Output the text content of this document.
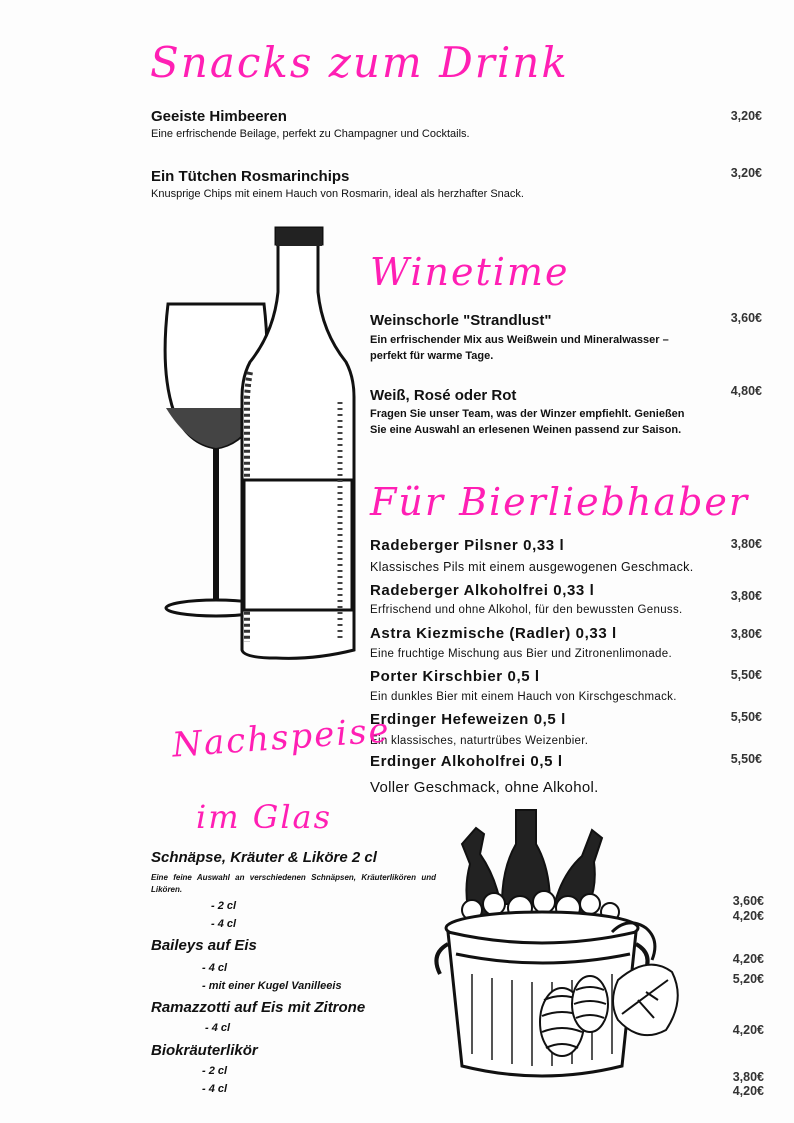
Snacks zum Drink
Geeiste Himbeeren
Eine erfrischende Beilage, perfekt zu Champagner und Cocktails.
3,20€
Ein Tütchen Rosmarinchips
Knusprige Chips mit einem Hauch von Rosmarin, ideal als herzhafter Snack.
3,20€
Winetime
Weinschorle "Strandlust"
Ein erfrischender Mix aus Weißwein und Mineralwasser – perfekt für warme Tage.
3,60€
Weiß, Rosé oder Rot
Fragen Sie unser Team, was der Winzer empfiehlt. Genießen Sie eine Auswahl an erlesenen Weinen passend zur Saison.
4,80€
Für Bierliebhaber
Radeberger Pilsner 0,33 l
Klassisches Pils mit einem ausgewogenen Geschmack.
3,80€
Radeberger Alkoholfrei 0,33 l
Erfrischend und ohne Alkohol, für den bewussten Genuss.
3,80€
Astra Kiezmische (Radler) 0,33 l
Eine fruchtige Mischung aus Bier und Zitronenlimonade.
3,80€
Porter Kirschbier 0,5 l
Ein dunkles Bier mit einem Hauch von Kirschgeschmack.
5,50€
Erdinger Hefeweizen 0,5 l
Ein klassisches, naturtrübes Weizenbier.
5,50€
Erdinger Alkoholfrei 0,5 l
Voller Geschmack, ohne Alkohol.
5,50€
Nachspeise
im Glas
Schnäpse, Kräuter & Liköre 2 cl
Eine feine Auswahl an verschiedenen Schnäpsen, Kräuterlikören und Likören.
- 2 cl
- 4 cl
3,60€
4,20€
Baileys auf Eis
- 4 cl
- mit einer Kugel Vanilleeis
4,20€
5,20€
Ramazzotti auf Eis mit Zitrone
- 4 cl	4,20€
Biokräuterlikör
- 2 cl
- 4 cl
3,80€
4,20€
